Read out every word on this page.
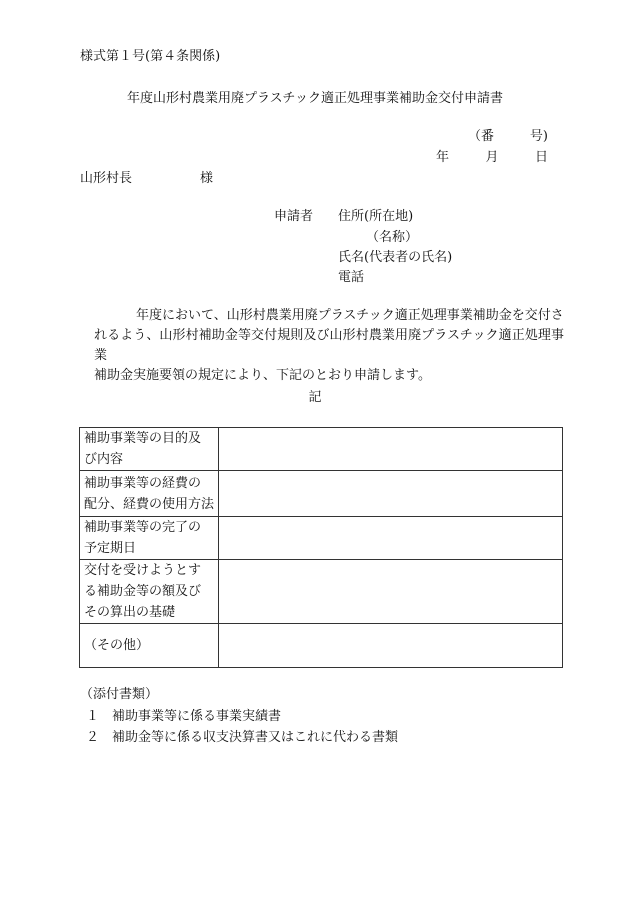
様式第１号(第４条関係)
年度山形村農業用廃プラスチック適正処理事業補助金交付申請書
（番	号)
年	月	日
山形村長	様
申請者 住所(所在地)
（名称）
氏名(代表者の氏名)
電話
年度において、山形村農業用廃プラスチック適正処理事業補助金を交付さ
れるよう、山形村補助金等交付規則及び山形村農業用廃プラスチック適正処理事業
補助金実施要領の規定により、下記のとおり申請します。
記
補助事業等の目的及
び内容	

補助事業等の経費の
配分、経費の使用方法	

補助事業等の完了の
予定期日	

交付を受けようとす
る補助金等の額及び
その算出の基礎	

（その他）	

（添付書類）
１ 補助事業等に係る事業実績書
２ 補助金等に係る収支決算書又はこれに代わる書類
